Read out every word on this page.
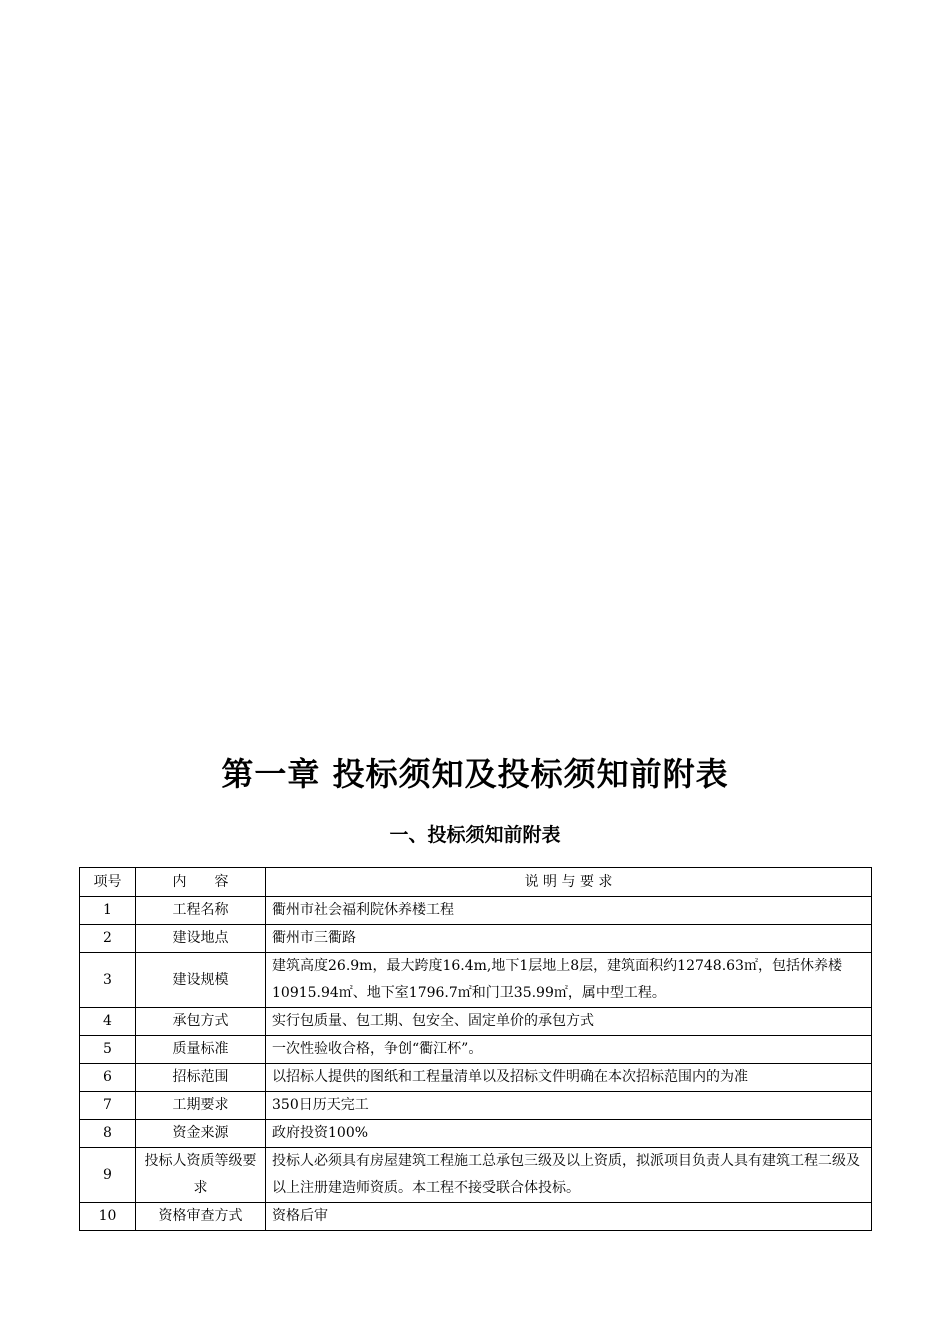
第一章 投标须知及投标须知前附表
一、投标须知前附表
项号	内　　容	说 明 与 要 求
1	工程名称	衢州市社会福利院休养楼工程
2	建设地点	衢州市三衢路
3	建设规模	建筑高度26.9m，最大跨度16.4m,地下1层地上8层，建筑面积约12748.63㎡，包括休养楼10915.94㎡、地下室1796.7㎡和门卫35.99㎡，属中型工程。
4	承包方式	实行包质量、包工期、包安全、固定单价的承包方式
5	质量标准	一次性验收合格，争创“衢江杯”。
6	招标范围	以招标人提供的图纸和工程量清单以及招标文件明确在本次招标范围内的为准
7	工期要求	350日历天完工
8	资金来源	政府投资100%
9	投标人资质等级要求	投标人必须具有房屋建筑工程施工总承包三级及以上资质，拟派项目负责人具有建筑工程二级及以上注册建造师资质。本工程不接受联合体投标。
10	资格审查方式	资格后审
